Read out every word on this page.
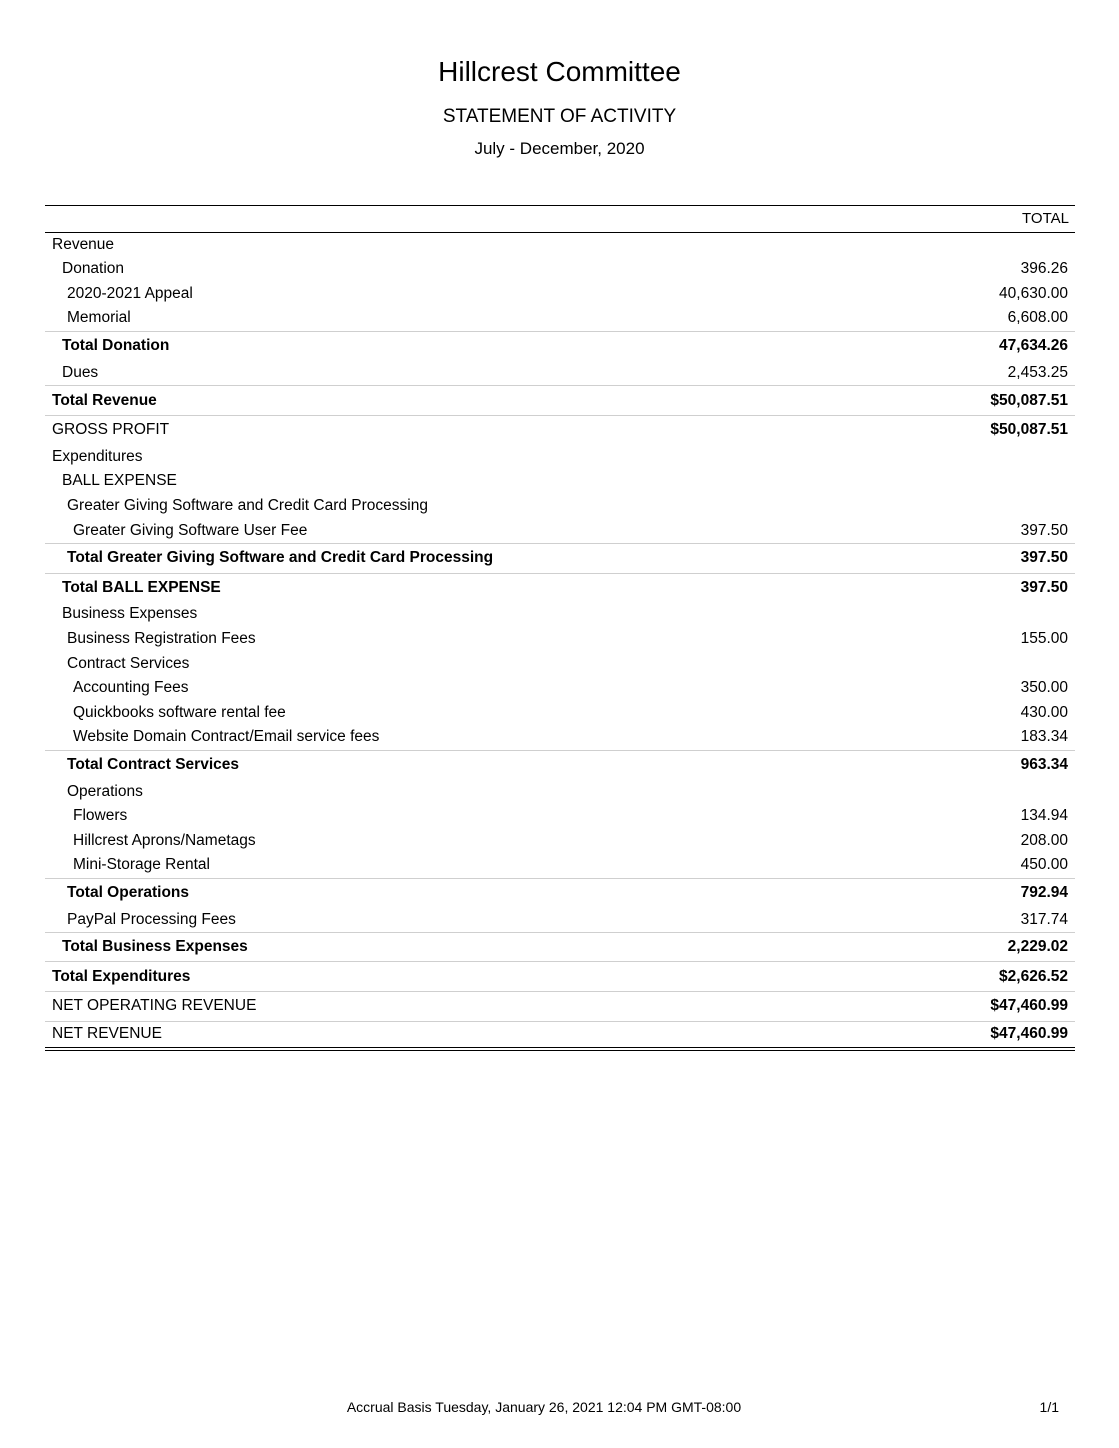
Hillcrest Committee
STATEMENT OF ACTIVITY
July - December, 2020
TOTAL
Revenue
Donation	396.26
2020-2021 Appeal	40,630.00
Memorial	6,608.00
Total Donation	47,634.26
Dues	2,453.25
Total Revenue	$50,087.51
GROSS PROFIT	$50,087.51
Expenditures
BALL EXPENSE
Greater Giving Software and Credit Card Processing
Greater Giving Software User Fee	397.50
Total Greater Giving Software and Credit Card Processing	397.50
Total BALL EXPENSE	397.50
Business Expenses
Business Registration Fees	155.00
Contract Services
Accounting Fees	350.00
Quickbooks software rental fee	430.00
Website Domain Contract/Email service fees	183.34
Total Contract Services	963.34
Operations
Flowers	134.94
Hillcrest Aprons/Nametags	208.00
Mini-Storage Rental	450.00
Total Operations	792.94
PayPal Processing Fees	317.74
Total Business Expenses	2,229.02
Total Expenditures	$2,626.52
NET OPERATING REVENUE	$47,460.99
NET REVENUE	$47,460.99
Accrual Basis Tuesday, January 26, 2021 12:04 PM GMT-08:00	1/1
